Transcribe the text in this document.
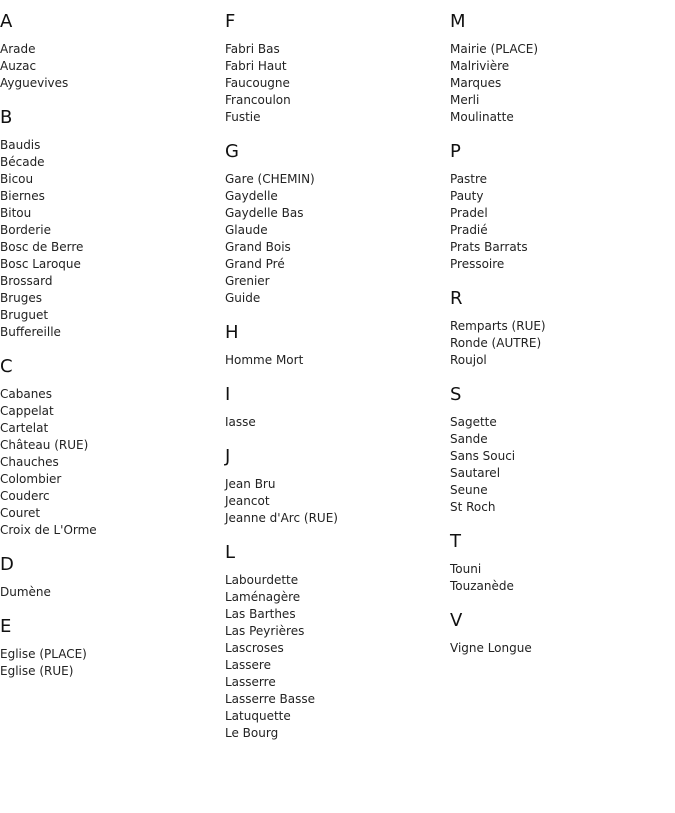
A
Arade
Auzac
Ayguevives
B
Baudis
Bécade
Bicou
Biernes
Bitou
Borderie
Bosc de Berre
Bosc Laroque
Brossard
Bruges
Bruguet
Buffereille
C
Cabanes
Cappelat
Cartelat
Château (RUE)
Chauches
Colombier
Couderc
Couret
Croix de L'Orme
D
Dumène
E
Eglise (PLACE)
Eglise (RUE)
F
Fabri Bas
Fabri Haut
Faucougne
Francoulon
Fustie
G
Gare (CHEMIN)
Gaydelle
Gaydelle Bas
Glaude
Grand Bois
Grand Pré
Grenier
Guide
H
Homme Mort
I
Iasse
J
Jean Bru
Jeancot
Jeanne d'Arc (RUE)
L
Labourdette
Laménagère
Las Barthes
Las Peyrières
Lascroses
Lassere
Lasserre
Lasserre Basse
Latuquette
Le Bourg
M
Mairie (PLACE)
Malrivière
Marques
Merli
Moulinatte
P
Pastre
Pauty
Pradel
Pradié
Prats Barrats
Pressoire
R
Remparts (RUE)
Ronde (AUTRE)
Roujol
S
Sagette
Sande
Sans Souci
Sautarel
Seune
St Roch
T
Touni
Touzanède
V
Vigne Longue
